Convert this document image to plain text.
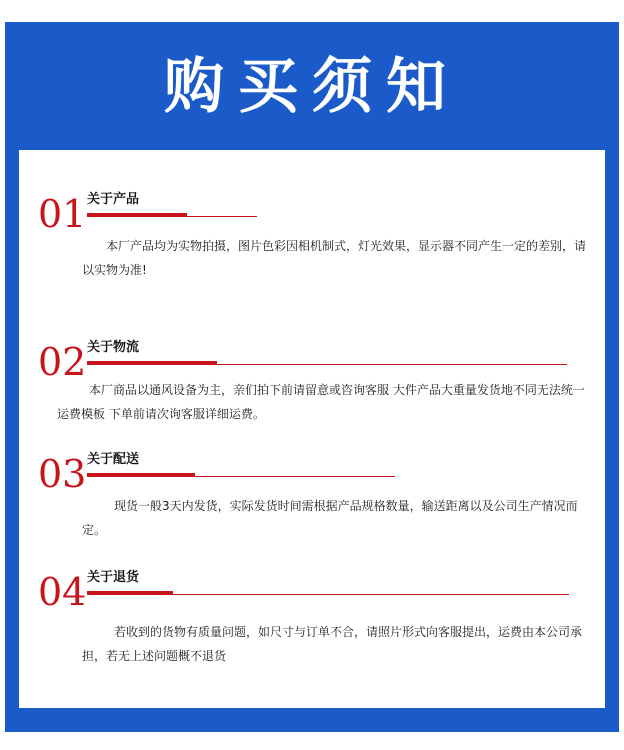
购买须知
01 关于产品

本厂产品均为实物拍摄，图片色彩因相机制式，灯光效果，显示器不同产生一定的差别，请以实物为准!

02 关于物流

本厂商品以通风设备为主，亲们拍下前请留意或咨询客服 大件产品大重量发货地不同无法统一运费模板 下单前请次询客服详细运费。

03 关于配送

现货一般3天内发货，实际发货时间需根据产品规格数量，输送距离以及公司生产情况而定。

04 关于退货

若收到的货物有质量问题，如尺寸与订单不合，请照片形式向客服提出，运费由本公司承担，若无上述问题概不退货
